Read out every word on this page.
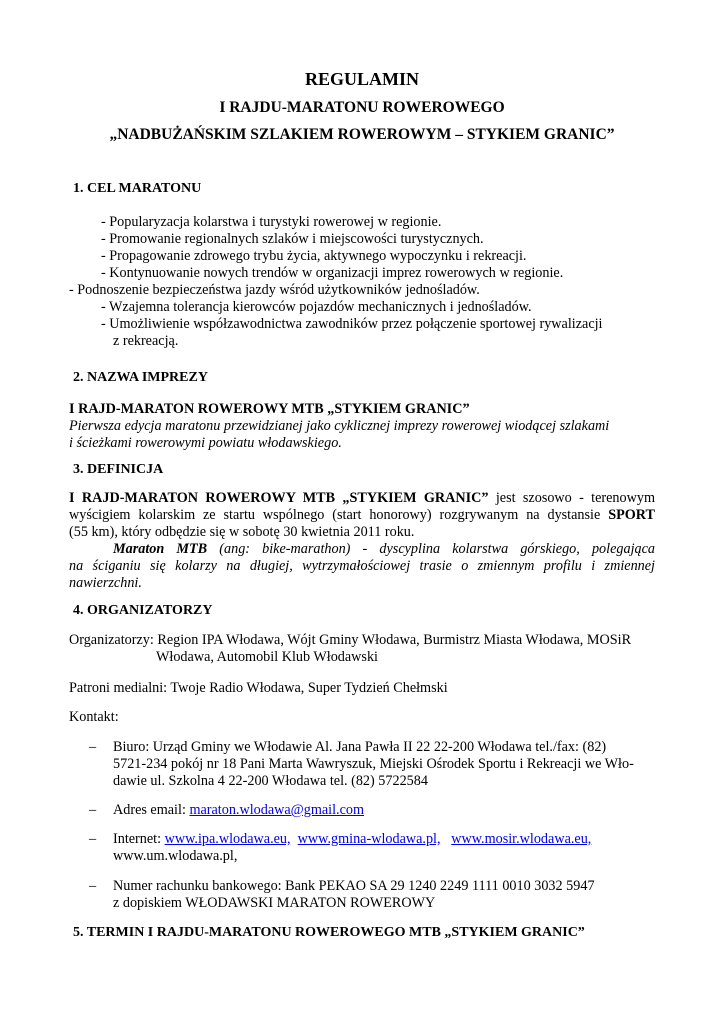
REGULAMIN
I RAJDU-MARATONU ROWEROWEGO
„NADBUŻAŃSKIM SZLAKIEM ROWEROWYM – STYKIEM GRANIC”
1. CEL MARATONU
- Popularyzacja kolarstwa i turystyki rowerowej w regionie.
- Promowanie regionalnych szlaków i miejscowości turystycznych.
- Propagowanie zdrowego trybu życia, aktywnego wypoczynku i rekreacji.
- Kontynuowanie nowych trendów w organizacji imprez rowerowych w regionie.
- Podnoszenie bezpieczeństwa jazdy wśród użytkowników jednośladów.
- Wzajemna tolerancja kierowców pojazdów mechanicznych i jednośladów.
- Umożliwienie współzawodnictwa zawodników przez połączenie sportowej rywalizacji
z rekreacją.
2. NAZWA IMPREZY
I RAJD-MARATON ROWEROWY MTB „STYKIEM GRANIC”
Pierwsza edycja maratonu przewidzianej jako cyklicznej imprezy rowerowej wiodącej szlakami
i ścieżkami rowerowymi powiatu włodawskiego.
3. DEFINICJA
I RAJD-MARATON ROWEROWY MTB „STYKIEM GRANIC” jest szosowo - terenowym
wyścigiem kolarskim ze startu wspólnego (start honorowy) rozgrywanym na dystansie SPORT
(55 km), który odbędzie się w sobotę 30 kwietnia 2011 roku.
Maraton MTB (ang: bike-marathon) - dyscyplina kolarstwa górskiego, polegająca
na ściganiu się kolarzy na długiej, wytrzymałościowej trasie o zmiennym profilu i zmiennej
nawierzchni.
4. ORGANIZATORZY
Organizatorzy: Region IPA Włodawa, Wójt Gminy Włodawa, Burmistrz Miasta Włodawa, MOSiR
Włodawa, Automobil Klub Włodawski
Patroni medialni: Twoje Radio Włodawa, Super Tydzień Chełmski
Kontakt:
– Biuro: Urząd Gminy we Włodawie Al. Jana Pawła II 22 22-200 Włodawa tel./fax: (82)
5721-234 pokój nr 18 Pani Marta Wawryszuk, Miejski Ośrodek Sportu i Rekreacji we Wło-
dawie ul. Szkolna 4 22-200 Włodawa tel. (82) 5722584
– Adres email: maraton.wlodawa@gmail.com
– Internet: www.ipa.wlodawa.eu, www.gmina-wlodawa.pl, www.mosir.wlodawa.eu,
www.um.wlodawa.pl,
– Numer rachunku bankowego: Bank PEKAO SA 29 1240 2249 1111 0010 3032 5947
z dopiskiem WŁODAWSKI MARATON ROWEROWY
5. TERMIN I RAJDU-MARATONU ROWEROWEGO MTB „STYKIEM GRANIC”
